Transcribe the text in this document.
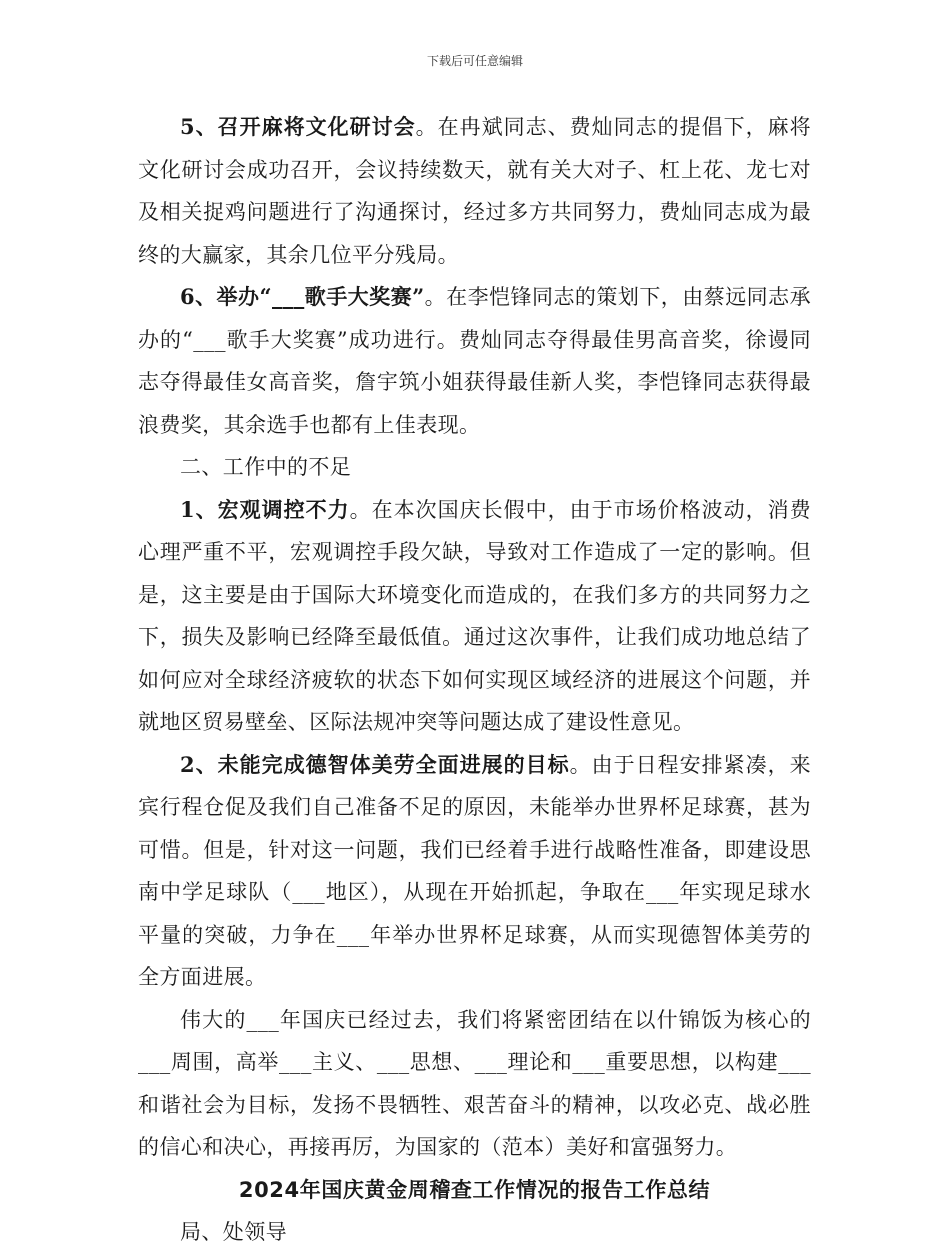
下载后可任意编辑

5、召开麻将文化研讨会。在冉斌同志、费灿同志的提倡下，麻将文化研讨会成功召开，会议持续数天，就有关大对子、杠上花、龙七对及相关捉鸡问题进行了沟通探讨，经过多方共同努力，费灿同志成为最终的大赢家，其余几位平分残局。

6、举办“___歌手大奖赛”。在李恺锋同志的策划下，由蔡远同志承办的“___歌手大奖赛”成功进行。费灿同志夺得最佳男高音奖，徐谩同志夺得最佳女高音奖，詹宇筑小姐获得最佳新人奖，李恺锋同志获得最浪费奖，其余选手也都有上佳表现。

二、工作中的不足

1、宏观调控不力。在本次国庆长假中，由于市场价格波动，消费心理严重不平，宏观调控手段欠缺，导致对工作造成了一定的影响。但是，这主要是由于国际大环境变化而造成的，在我们多方的共同努力之下，损失及影响已经降至最低值。通过这次事件，让我们成功地总结了如何应对全球经济疲软的状态下如何实现区域经济的进展这个问题，并就地区贸易壁垒、区际法规冲突等问题达成了建设性意见。

2、未能完成德智体美劳全面进展的目标。由于日程安排紧凑，来宾行程仓促及我们自己准备不足的原因，未能举办世界杯足球赛，甚为可惜。但是，针对这一问题，我们已经着手进行战略性准备，即建设思南中学足球队（___地区），从现在开始抓起，争取在___年实现足球水平量的突破，力争在___年举办世界杯足球赛，从而实现德智体美劳的全方面进展。

伟大的___年国庆已经过去，我们将紧密团结在以什锦饭为核心的___周围，高举___主义、___思想、___理论和___重要思想，以构建___和谐社会为目标，发扬不畏牺牲、艰苦奋斗的精神，以攻必克、战必胜的信心和决心，再接再厉，为国家的（范本）美好和富强努力。

2024年国庆黄金周稽查工作情况的报告工作总结

局、处领导
